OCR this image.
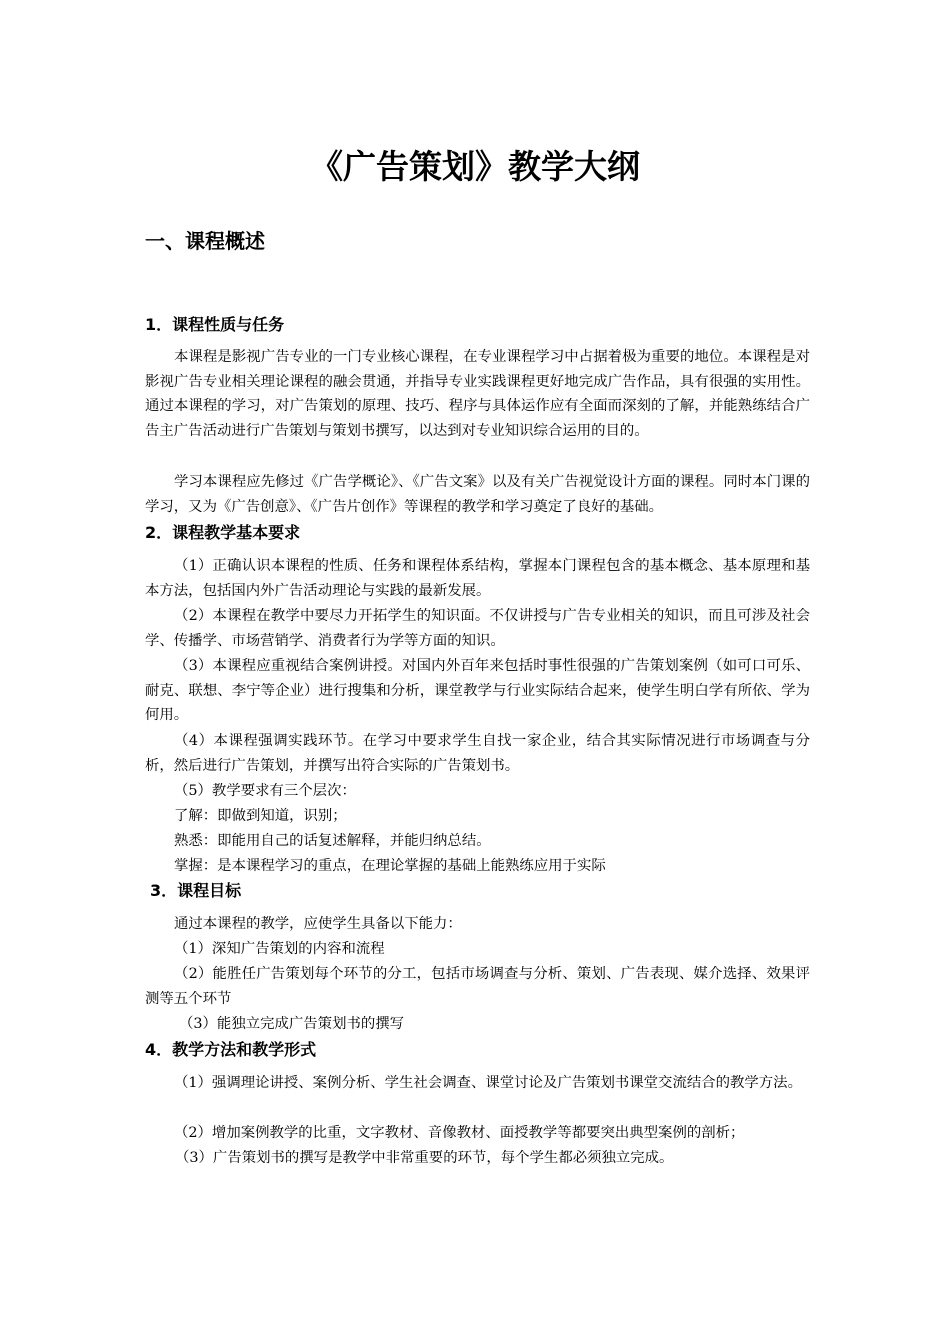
《广告策划》教学大纲
一、课程概述
1．课程性质与任务

本课程是影视广告专业的一门专业核心课程，在专业课程学习中占据着极为重要的地位。本课程是对影视广告专业相关理论课程的融会贯通，并指导专业实践课程更好地完成广告作品，具有很强的实用性。通过本课程的学习，对广告策划的原理、技巧、程序与具体运作应有全面而深刻的了解，并能熟练结合广告主广告活动进行广告策划与策划书撰写，以达到对专业知识综合运用的目的。

学习本课程应先修过《广告学概论》、《广告文案》以及有关广告视觉设计方面的课程。同时本门课的学习，又为《广告创意》、《广告片创作》等课程的教学和学习奠定了良好的基础。

2．课程教学基本要求

（1）正确认识本课程的性质、任务和课程体系结构，掌握本门课程包含的基本概念、基本原理和基本方法，包括国内外广告活动理论与实践的最新发展。

（2）本课程在教学中要尽力开拓学生的知识面。不仅讲授与广告专业相关的知识，而且可涉及社会学、传播学、市场营销学、消费者行为学等方面的知识。

（3）本课程应重视结合案例讲授。对国内外百年来包括时事性很强的广告策划案例（如可口可乐、耐克、联想、李宁等企业）进行搜集和分析，课堂教学与行业实际结合起来，使学生明白学有所依、学为何用。

（4）本课程强调实践环节。在学习中要求学生自找一家企业，结合其实际情况进行市场调查与分析，然后进行广告策划，并撰写出符合实际的广告策划书。

（5）教学要求有三个层次：

了解：即做到知道，识别；

熟悉：即能用自己的话复述解释，并能归纳总结。

掌握：是本课程学习的重点，在理论掌握的基础上能熟练应用于实际

3．课程目标

通过本课程的教学，应使学生具备以下能力：

（1）深知广告策划的内容和流程

（2）能胜任广告策划每个环节的分工，包括市场调查与分析、策划、广告表现、媒介选择、效果评测等五个环节

（3）能独立完成广告策划书的撰写

4．教学方法和教学形式

（1）强调理论讲授、案例分析、学生社会调查、课堂讨论及广告策划书课堂交流结合的教学方法。

（2）增加案例教学的比重，文字教材、音像教材、面授教学等都要突出典型案例的剖析；

（3）广告策划书的撰写是教学中非常重要的环节，每个学生都必须独立完成。
